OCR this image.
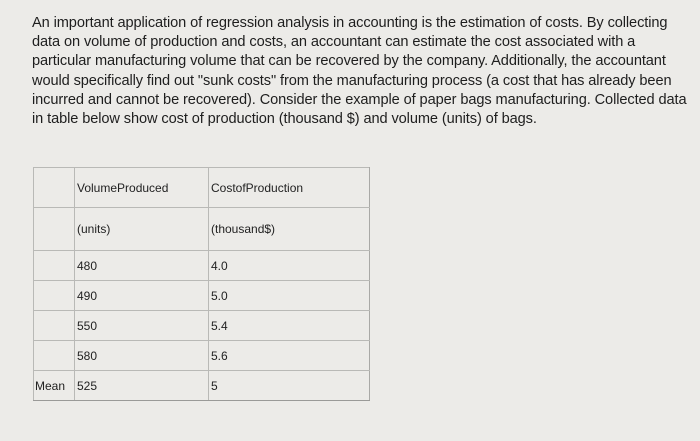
An important application of regression analysis in accounting is the estimation of costs. By collecting data on volume of production and costs, an accountant can estimate the cost associated with a particular manufacturing volume that can be recovered by the company. Additionally, the accountant would specifically find out "sunk costs" from the manufacturing process (a cost that has already been incurred and cannot be recovered). Consider the example of paper bags manufacturing. Collected data in table below show cost of production (thousand $) and volume (units) of bags.

	VolumeProduced	CostofProduction
	(units)	(thousand$)
	480	4.0
	490	5.0
	550	5.4
	580	5.6
Mean	525	5
